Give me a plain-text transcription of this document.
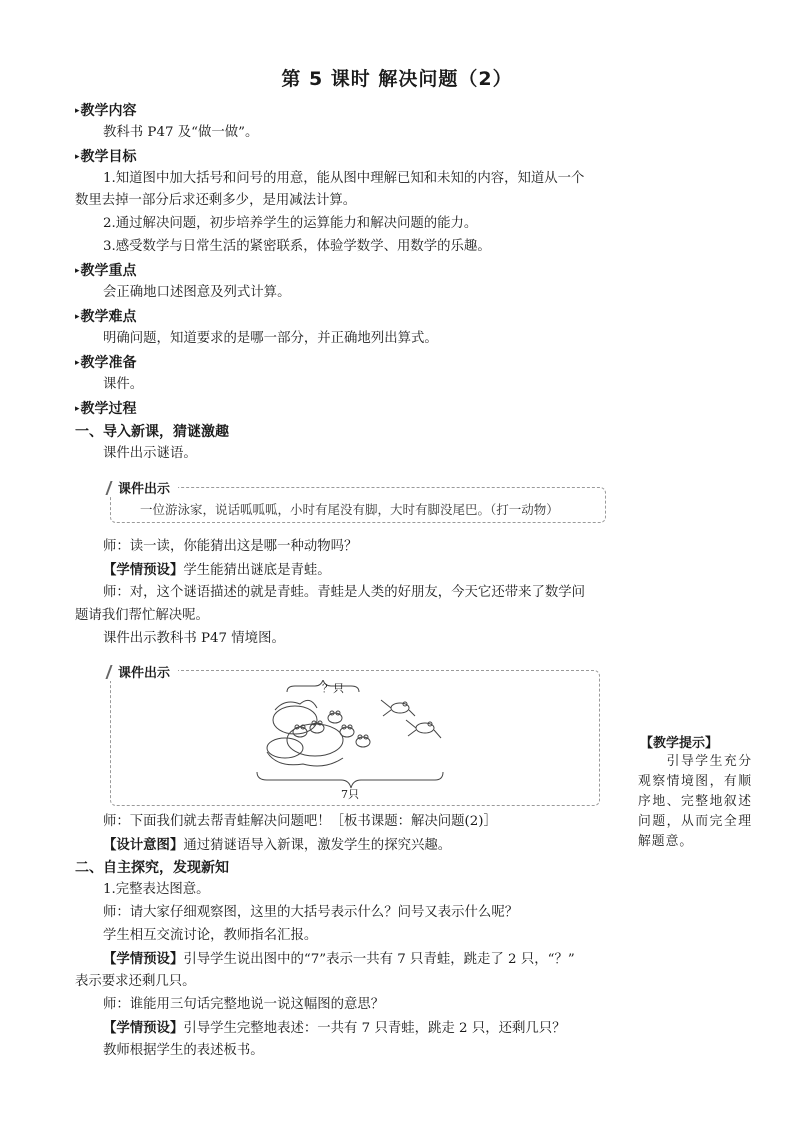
第 5 课时 解决问题（2）
▸ 教学内容
教科书 P47 及“做一做”。
▸ 教学目标
1.知道图中加大括号和问号的用意，能从图中理解已知和未知的内容，知道从一个
数里去掉一部分后求还剩多少，是用减法计算。
2.通过解决问题，初步培养学生的运算能力和解决问题的能力。
3.感受数学与日常生活的紧密联系，体验学数学、用数学的乐趣。
▸ 教学重点
会正确地口述图意及列式计算。
▸ 教学难点
明确问题，知道要求的是哪一部分，并正确地列出算式。
▸ 教学准备
课件。
▸ 教学过程
一、导入新课，猜谜激趣
课件出示谜语。
课件出示
一位游泳家，说话呱呱呱，小时有尾没有脚，大时有脚没尾巴。（打一动物）
师：读一读，你能猜出这是哪一种动物吗？
【学情预设】学生能猜出谜底是青蛙。
师：对，这个谜语描述的就是青蛙。青蛙是人类的好朋友，今天它还带来了数学问
题请我们帮忙解决呢。
课件出示教科书 P47 情境图。
课件出示
？只
7只
师：下面我们就去帮青蛙解决问题吧！［板书课题：解决问题(2)］
【设计意图】通过猜谜语导入新课，激发学生的探究兴趣。
二、自主探究，发现新知
1.完整表达图意。
师：请大家仔细观察图，这里的大括号表示什么？问号又表示什么呢？
学生相互交流讨论，教师指名汇报。
【学情预设】引导学生说出图中的“7”表示一共有 7 只青蛙，跳走了 2 只，“？”
表示要求还剩几只。
师：谁能用三句话完整地说一说这幅图的意思？
【学情预设】引导学生完整地表述：一共有 7 只青蛙，跳走 2 只，还剩几只？
教师根据学生的表述板书。
【教学提示】
　　引导学生充分观察情境图，有顺序地、完整地叙述问题，从而完全理解题意。
